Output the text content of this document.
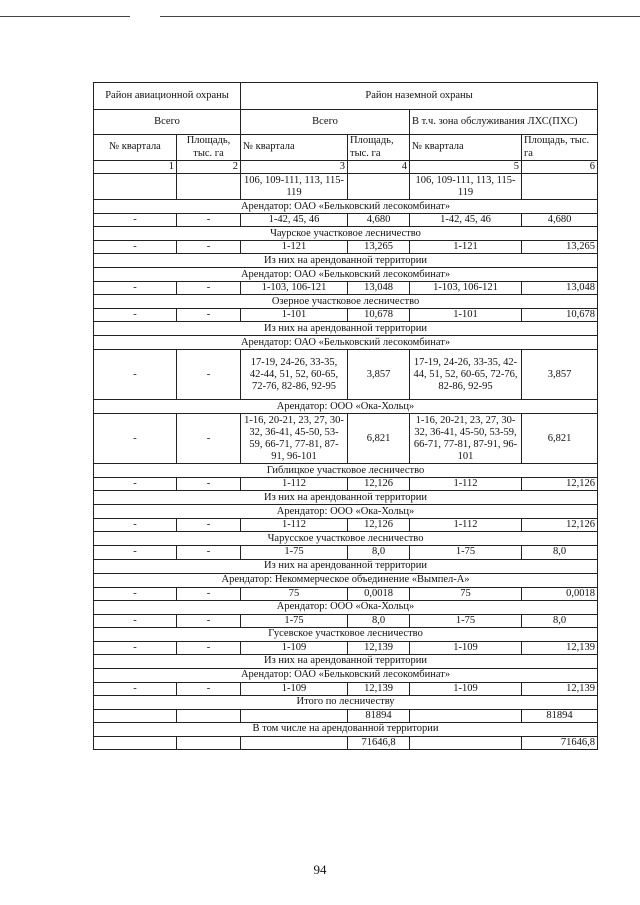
Район авиационной охраны		Район наземной охраны			
Всего		Всего		В т.ч. зона обслуживания ЛХС(ПХС)	
№ квартала	Площадь, тыс. га	№ квартала	Площадь, тыс. га	№ квартала	Площадь, тыс. га
1	2	3	4	5	6
		106, 109-111, 113, 115-119		106, 109-111, 113, 115-119	
Арендатор: ОАО «Бельковский лесокомбинат»					
-	-	1-42, 45, 46	4,680	1-42, 45, 46	4,680
Чаурское участковое лесничество					
-	-	1-121	13,265	1-121	13,265
Из них на арендованной территории					
Арендатор: ОАО «Бельковский лесокомбинат»					
-	-	1-103, 106-121	13,048	1-103, 106-121	13,048
Озерное участковое лесничество					
-	-	1-101	10,678	1-101	10,678
Из них на арендованной территории					
Арендатор: ОАО «Бельковский лесокомбинат»					
-	-	17-19, 24-26, 33-35, 42-44, 51, 52, 60-65, 72-76, 82-86, 92-95	3,857	17-19, 24-26, 33-35, 42-44, 51, 52, 60-65, 72-76, 82-86, 92-95	3,857
Арендатор: ООО «Ока-Хольц»					
-	-	1-16, 20-21, 23, 27, 30-32, 36-41, 45-50, 53-59, 66-71, 77-81, 87-91, 96-101	6,821	1-16, 20-21, 23, 27, 30-32, 36-41, 45-50, 53-59, 66-71, 77-81, 87-91, 96-101	6,821
Гиблицкое участковое лесничество					
-	-	1-112	12,126	1-112	12,126
Из них на арендованной территории					
Арендатор: ООО «Ока-Хольц»					
-	-	1-112	12,126	1-112	12,126
Чарусское участковое лесничество					
-	-	1-75	8,0	1-75	8,0
Из них на арендованной территории					
Арендатор: Некоммерческое объединение «Вымпел-А»					
-	-	75	0,0018	75	0,0018
Арендатор: ООО «Ока-Хольц»					
-	-	1-75	8,0	1-75	8,0
Гусевское участковое лесничество					
-	-	1-109	12,139	1-109	12,139
Из них на арендованной территории					
Арендатор: ОАО «Бельковский лесокомбинат»					
-	-	1-109	12,139	1-109	12,139
Итого по лесничеству					
			81894		81894
В том числе на арендованной территории					
			71646,8		71646,8
94
